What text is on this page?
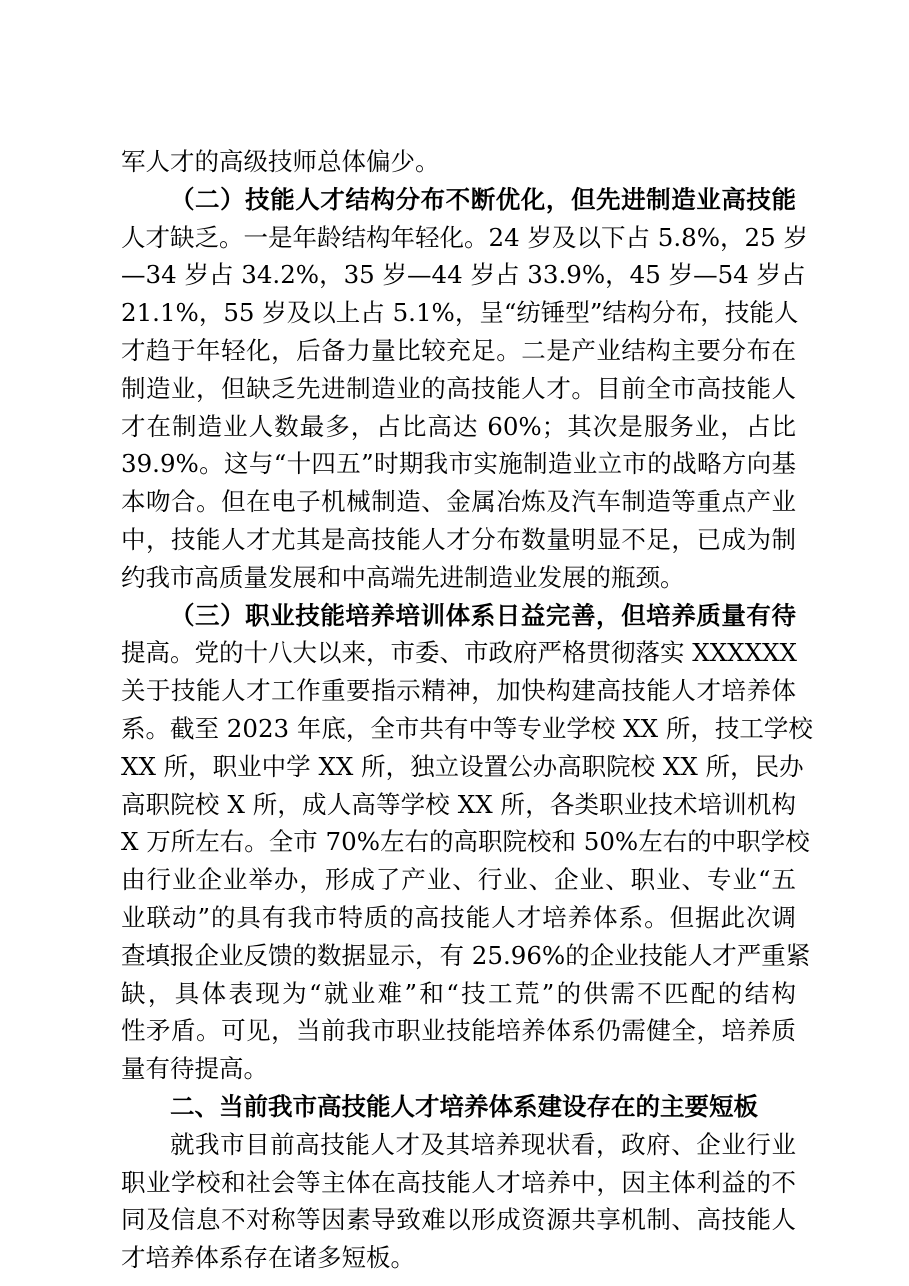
军人才的高级技师总体偏少。
（二）技能人才结构分布不断优化，但先进制造业高技能
人才缺乏。一是年龄结构年轻化。24 岁及以下占 5.8%，25 岁
—34 岁占 34.2%，35 岁—44 岁占 33.9%，45 岁—54 岁占
21.1%，55 岁及以上占 5.1%，呈“纺锤型”结构分布，技能人
才趋于年轻化，后备力量比较充足。二是产业结构主要分布在
制造业，但缺乏先进制造业的高技能人才。目前全市高技能人
才在制造业人数最多，占比高达 60%；其次是服务业，占比
39.9%。这与“十四五”时期我市实施制造业立市的战略方向基
本吻合。但在电子机械制造、金属冶炼及汽车制造等重点产业
中，技能人才尤其是高技能人才分布数量明显不足，已成为制
约我市高质量发展和中高端先进制造业发展的瓶颈。
（三）职业技能培养培训体系日益完善，但培养质量有待
提高。党的十八大以来，市委、市政府严格贯彻落实 XXXXXX
关于技能人才工作重要指示精神，加快构建高技能人才培养体
系。截至 2023 年底，全市共有中等专业学校 XX 所，技工学校
XX 所，职业中学 XX 所，独立设置公办高职院校 XX 所，民办
高职院校 X 所，成人高等学校 XX 所，各类职业技术培训机构
X 万所左右。全市 70%左右的高职院校和 50%左右的中职学校
由行业企业举办，形成了产业、行业、企业、职业、专业“五
业联动”的具有我市特质的高技能人才培养体系。但据此次调
查填报企业反馈的数据显示，有 25.96%的企业技能人才严重紧
缺，具体表现为“就业难”和“技工荒”的供需不匹配的结构
性矛盾。可见，当前我市职业技能培养体系仍需健全，培养质
量有待提高。
二、当前我市高技能人才培养体系建设存在的主要短板
就我市目前高技能人才及其培养现状看，政府、企业行业
职业学校和社会等主体在高技能人才培养中，因主体利益的不
同及信息不对称等因素导致难以形成资源共享机制、高技能人
才培养体系存在诸多短板。
